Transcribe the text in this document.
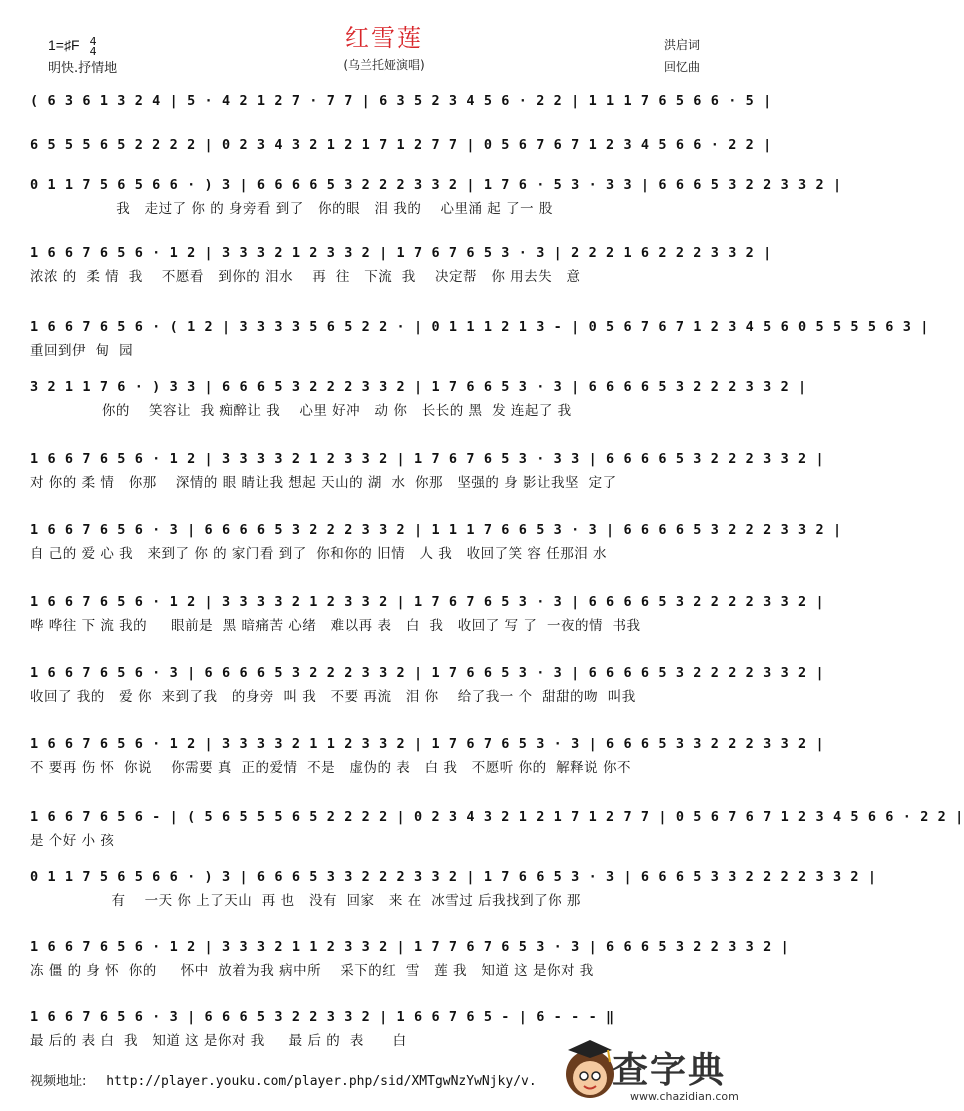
1=♯F 4
4
明快.抒情地
红雪莲
(乌兰托娅演唱)
洪启词
回忆曲
( 6 3 6 1 3 2 4 | 5 · 4 2 1 2 7 · 7 7 | 6 3 5 2 3 4 5 6 · 2 2 | 1 1 1 7 6 5 6 6 · 5 |
6 5 5 5 6 5 2 2 2 2 | 0 2 3 4 3 2 1 2 1 7 1 2 7 7 | 0 5 6 7 6 7 1 2 3 4 5 6 6 · 2 2 |
0 1 1 7 5 6 5 6 6 · ) 3 | 6 6 6 6 5 3 2 2 2 3 3 2 | 1 7 6 · 5 3 · 3 3 | 6 6 6 5 3 2 2 3 3 2 |
我   走过了 你 的 身旁看 到了   你的眼   泪 我的    心里涌 起 了一 股
1 6 6 7 6 5 6 · 1 2 | 3 3 3 2 1 2 3 3 2 | 1 7 6 7 6 5 3 · 3 | 2 2 2 1 6 2 2 2 3 3 2 |
浓浓 的  柔 情  我    不愿看   到你的 泪水    再  往   下流  我    决定帮   你 用去失   意
1 6 6 7 6 5 6 · ( 1 2 | 3 3 3 3 5 6 5 2 2 · | 0 1 1 1 2 1 3 - | 0 5 6 7 6 7 1 2 3 4 5 6 0 5 5 5 5 6 3 |
重回到伊  甸  园
3 2 1 1 7 6 · ) 3 3 | 6 6 6 5 3 2 2 2 3 3 2 | 1 7 6 6 5 3 · 3 | 6 6 6 6 5 3 2 2 2 3 3 2 |
你的    笑容让  我 痴醉让 我    心里 好冲   动 你   长长的 黑  发 连起了 我
1 6 6 7 6 5 6 · 1 2 | 3 3 3 3 2 1 2 3 3 2 | 1 7 6 7 6 5 3 · 3 3 | 6 6 6 6 5 3 2 2 2 3 3 2 |
对 你的 柔 情   你那    深情的 眼 睛让我 想起 天山的 湖  水  你那   坚强的 身 影让我坚  定了
1 6 6 7 6 5 6 · 3 | 6 6 6 6 5 3 2 2 2 3 3 2 | 1 1 1 7 6 6 5 3 · 3 | 6 6 6 6 5 3 2 2 2 3 3 2 |
自 己的 爱 心 我   来到了 你 的 家门看 到了  你和你的 旧情   人 我   收回了笑 容 任那泪 水
1 6 6 7 6 5 6 · 1 2 | 3 3 3 3 2 1 2 3 3 2 | 1 7 6 7 6 5 3 · 3 | 6 6 6 6 5 3 2 2 2 2 3 3 2 |
哗 哗往 下 流 我的     眼前是  黑 暗痛苦 心绪   难以再 表   白  我   收回了 写 了  一夜的情  书我
1 6 6 7 6 5 6 · 3 | 6 6 6 6 5 3 2 2 2 3 3 2 | 1 7 6 6 5 3 · 3 | 6 6 6 6 5 3 2 2 2 2 3 3 2 |
收回了 我的   爱 你  来到了我   的身旁  叫 我   不要 再流   泪 你    给了我一 个  甜甜的吻  叫我
1 6 6 7 6 5 6 · 1 2 | 3 3 3 3 2 1 1 2 3 3 2 | 1 7 6 7 6 5 3 · 3 | 6 6 6 5 3 3 2 2 2 3 3 2 |
不 要再 伤 怀  你说    你需要 真  正的爱情  不是   虚伪的 表   白 我   不愿听 你的  解释说 你不
1 6 6 7 6 5 6 - | ( 5 6 5 5 5 6 5 2 2 2 2 | 0 2 3 4 3 2 1 2 1 7 1 2 7 7 | 0 5 6 7 6 7 1 2 3 4 5 6 6 · 2 2 |
是 个好 小 孩
0 1 1 7 5 6 5 6 6 · ) 3 | 6 6 6 5 3 3 2 2 2 3 3 2 | 1 7 6 6 5 3 · 3 | 6 6 6 5 3 3 2 2 2 2 3 3 2 |
有    一天 你 上了天山  再 也   没有  回家   来 在  冰雪过 后我找到了你 那
1 6 6 7 6 5 6 · 1 2 | 3 3 3 2 1 1 2 3 3 2 | 1 7 7 6 7 6 5 3 · 3 | 6 6 6 5 3 2 2 3 3 2 |
冻 僵 的 身 怀  你的     怀中  放着为我 病中所    采下的红  雪   莲 我   知道 这 是你对 我
1 6 6 7 6 5 6 · 3 | 6 6 6 5 3 2 2 3 3 2 | 1 6 6 7 6 5 - | 6 - - - ‖
最 后的 表 白  我   知道 这 是你对 我     最 后 的  表      白
视频地址: http://player.youku.com/player.php/sid/XMTgwNzYwNjky/v. 查字典
www.chazidian.com
